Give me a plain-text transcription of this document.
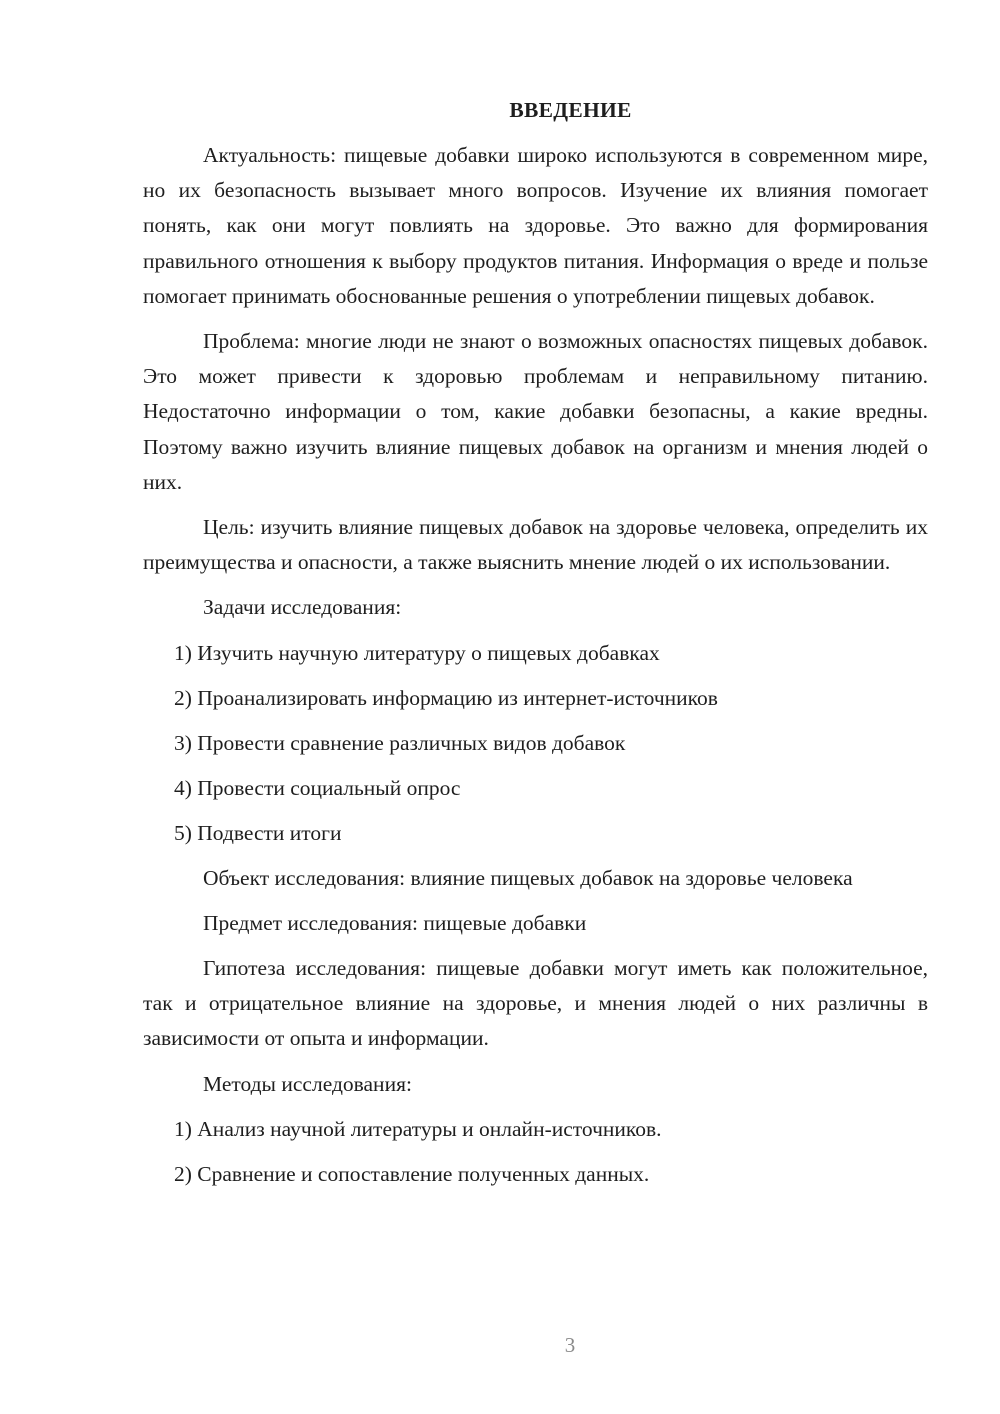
ВВЕДЕНИЕ

Актуальность: пищевые добавки широко используются в современном мире, но их безопасность вызывает много вопросов. Изучение их влияния помогает понять, как они могут повлиять на здоровье. Это важно для формирования правильного отношения к выбору продуктов питания. Информация о вреде и пользе помогает принимать обоснованные решения о употреблении пищевых добавок.

Проблема: многие люди не знают о возможных опасностях пищевых добавок. Это может привести к здоровью проблемам и неправильному питанию. Недостаточно информации о том, какие добавки безопасны, а какие вредны. Поэтому важно изучить влияние пищевых добавок на организм и мнения людей о них.

Цель: изучить влияние пищевых добавок на здоровье человека, определить их преимущества и опасности, а также выяснить мнение людей о их использовании.

Задачи исследования:

1) Изучить научную литературу о пищевых добавках
2) Проанализировать информацию из интернет-источников
3) Провести сравнение различных видов добавок
4) Провести социальный опрос
5) Подвести итоги

Объект исследования: влияние пищевых добавок на здоровье человека

Предмет исследования: пищевые добавки

Гипотеза исследования: пищевые добавки могут иметь как положительное, так и отрицательное влияние на здоровье, и мнения людей о них различны в зависимости от опыта и информации.

Методы исследования:

1) Анализ научной литературы и онлайн-источников.
2) Сравнение и сопоставление полученных данных.
3
